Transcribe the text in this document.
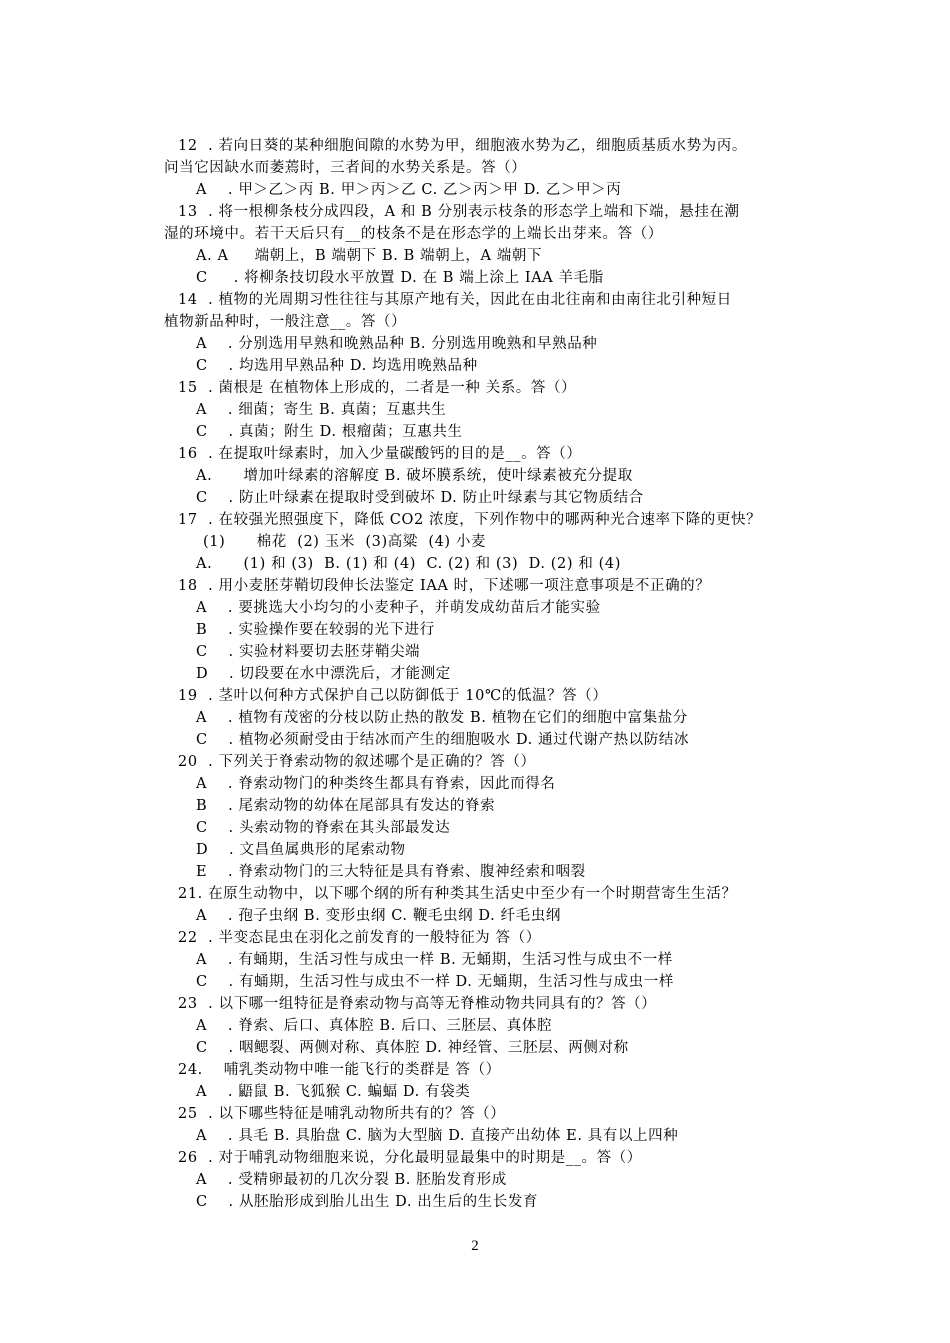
12  . 若向日葵的某种细胞间隙的水势为甲，细胞液水势为乙，细胞质基质水势为丙。
问当它因缺水而萎蔫时，三者间的水势关系是。答（）
A    . 甲＞乙＞丙 B. 甲＞丙＞乙 C. 乙＞丙＞甲 D. 乙＞甲＞丙
13  . 将一根柳条枝分成四段，A 和 B 分别表示枝条的形态学上端和下端，悬挂在潮
湿的环境中。若干天后只有__的枝条不是在形态学的上端长出芽来。答（）
A. A     端朝上，B 端朝下 B. B 端朝上，A 端朝下
C     . 将柳条技切段水平放置 D. 在 B 端上涂上 IAA 羊毛脂
14  . 植物的光周期习性往往与其原产地有关，因此在由北往南和由南往北引种短日
植物新品种时，一般注意__。答（）
A    . 分别选用早熟和晚熟品种 B. 分别选用晚熟和早熟品种
C    . 均选用早熟品种 D. 均选用晚熟品种
15  . 菌根是 在植物体上形成的，二者是一种 关系。答（）
A    . 细菌；寄生 B. 真菌；互惠共生
C    . 真菌；附生 D. 根瘤菌；互惠共生
16  . 在提取叶绿素时，加入少量碳酸钙的目的是__。答（）
A.      增加叶绿素的溶解度 B. 破坏膜系统，使叶绿素被充分提取
C    . 防止叶绿素在提取时受到破坏 D. 防止叶绿素与其它物质结合
17  . 在较强光照强度下，降低 CO2 浓度，下列作物中的哪两种光合速率下降的更快？
(1)      棉花  (2) 玉米  (3)高粱  (4) 小麦
A.      (1) 和 (3)  B. (1) 和 (4)  C. (2) 和 (3)  D. (2) 和 (4)
18  . 用小麦胚芽鞘切段伸长法鉴定 IAA 时，下述哪一项注意事项是不正确的？
A    . 要挑选大小均匀的小麦种子，并萌发成幼苗后才能实验
B    . 实验操作要在较弱的光下进行
C    . 实验材料要切去胚芽鞘尖端
D    . 切段要在水中漂洗后，才能测定
19  . 茎叶以何种方式保护自己以防御低于 10℃的低温？答（）
A    . 植物有茂密的分枝以防止热的散发 B. 植物在它们的细胞中富集盐分
C    . 植物必须耐受由于结冰而产生的细胞吸水 D. 通过代谢产热以防结冰
20  . 下列关于脊索动物的叙述哪个是正确的？答（）
A    . 脊索动物门的种类终生都具有脊索，因此而得名
B    . 尾索动物的幼体在尾部具有发达的脊索
C    . 头索动物的脊索在其头部最发达
D    . 文昌鱼属典形的尾索动物
E    . 脊索动物门的三大特征是具有脊索、腹神经索和咽裂
21. 在原生动物中，以下哪个纲的所有种类其生活史中至少有一个时期营寄生生活？
A    . 孢子虫纲 B. 变形虫纲 C. 鞭毛虫纲 D. 纤毛虫纲
22  . 半变态昆虫在羽化之前发育的一般特征为 答（）
A    . 有蛹期，生活习性与成虫一样 B. 无蛹期，生活习性与成虫不一样
C    . 有蛹期，生活习性与成虫不一样 D. 无蛹期，生活习性与成虫一样
23  . 以下哪一组特征是脊索动物与高等无脊椎动物共同具有的？答（）
A    . 脊索、后口、真体腔 B. 后口、三胚层、真体腔
C    . 咽鳃裂、两侧对称、真体腔 D. 神经管、三胚层、两侧对称
24.    哺乳类动物中唯一能飞行的类群是 答（）
A    . 鼯鼠 B. 飞狐猴 C. 蝙蝠 D. 有袋类
25  . 以下哪些特征是哺乳动物所共有的？答（）
A    . 具毛 B. 具胎盘 C. 脑为大型脑 D. 直接产出幼体 E. 具有以上四种
26  . 对于哺乳动物细胞来说，分化最明显最集中的时期是__。答（）
A    . 受精卵最初的几次分裂 B. 胚胎发育形成
C    . 从胚胎形成到胎儿出生 D. 出生后的生长发育
2
